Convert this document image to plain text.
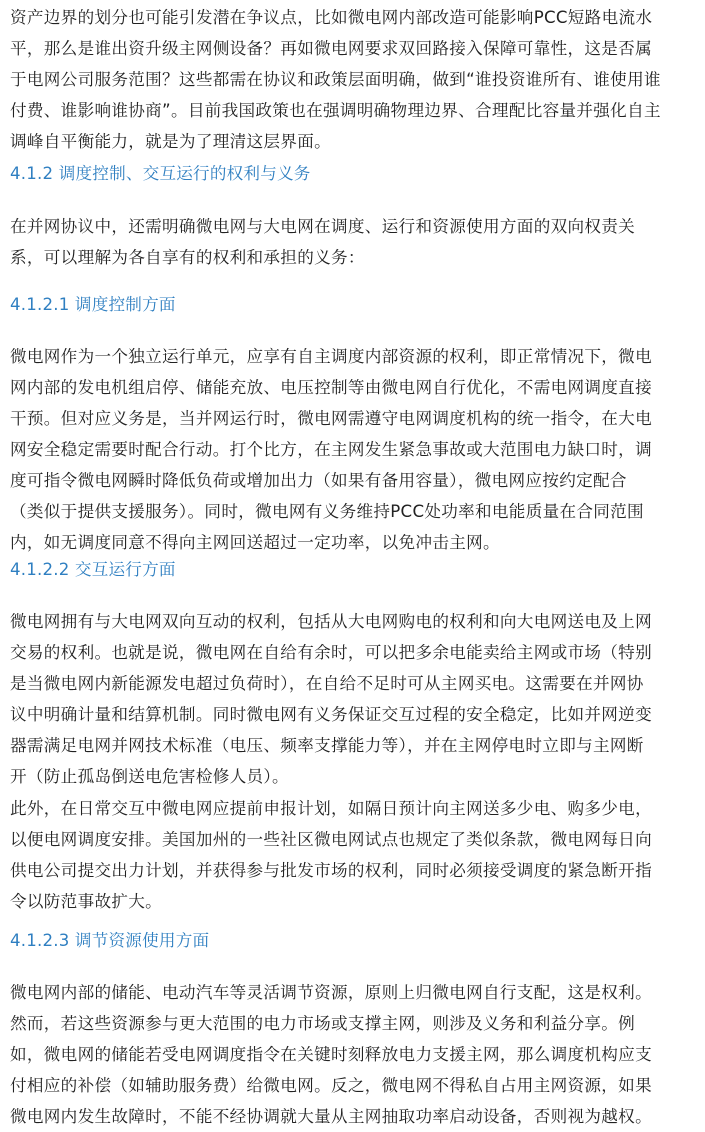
资产边界的划分也可能引发潜在争议点，比如微电网内部改造可能影响PCC短路电流水
平，那么是谁出资升级主网侧设备？再如微电网要求双回路接入保障可靠性，这是否属
于电网公司服务范围？这些都需在协议和政策层面明确，做到“谁投资谁所有、谁使用谁
付费、谁影响谁协商”。目前我国政策也在强调明确物理边界、合理配比容量并强化自主
调峰自平衡能力，就是为了理清这层界面。

4.1.2 调度控制、交互运行的权利与义务

在并网协议中，还需明确微电网与大电网在调度、运行和资源使用方面的双向权责关
系，可以理解为各自享有的权利和承担的义务：

4.1.2.1 调度控制方面

微电网作为一个独立运行单元，应享有自主调度内部资源的权利，即正常情况下，微电
网内部的发电机组启停、储能充放、电压控制等由微电网自行优化，不需电网调度直接
干预。但对应义务是，当并网运行时，微电网需遵守电网调度机构的统一指令，在大电
网安全稳定需要时配合行动。打个比方，在主网发生紧急事故或大范围电力缺口时，调
度可指令微电网瞬时降低负荷或增加出力（如果有备用容量），微电网应按约定配合
（类似于提供支援服务）。同时，微电网有义务维持PCC处功率和电能质量在合同范围
内，如无调度同意不得向主网回送超过一定功率，以免冲击主网。

4.1.2.2 交互运行方面

微电网拥有与大电网双向互动的权利，包括从大电网购电的权利和向大电网送电及上网
交易的权利。也就是说，微电网在自给有余时，可以把多余电能卖给主网或市场（特别
是当微电网内新能源发电超过负荷时），在自给不足时可从主网买电。这需要在并网协
议中明确计量和结算机制。同时微电网有义务保证交互过程的安全稳定，比如并网逆变
器需满足电网并网技术标准（电压、频率支撑能力等），并在主网停电时立即与主网断
开（防止孤岛倒送电危害检修人员）。

此外，在日常交互中微电网应提前申报计划，如隔日预计向主网送多少电、购多少电，
以便电网调度安排。美国加州的一些社区微电网试点也规定了类似条款，微电网每日向
供电公司提交出力计划，并获得参与批发市场的权利，同时必须接受调度的紧急断开指
令以防范事故扩大。

4.1.2.3 调节资源使用方面

微电网内部的储能、电动汽车等灵活调节资源，原则上归微电网自行支配，这是权利。
然而，若这些资源参与更大范围的电力市场或支撑主网，则涉及义务和利益分享。例
如，微电网的储能若受电网调度指令在关键时刻释放电力支援主网，那么调度机构应支
付相应的补偿（如辅助服务费）给微电网。反之，微电网不得私自占用主网资源，如果
微电网内发生故障时，不能不经协调就大量从主网抽取功率启动设备，否则视为越权。
